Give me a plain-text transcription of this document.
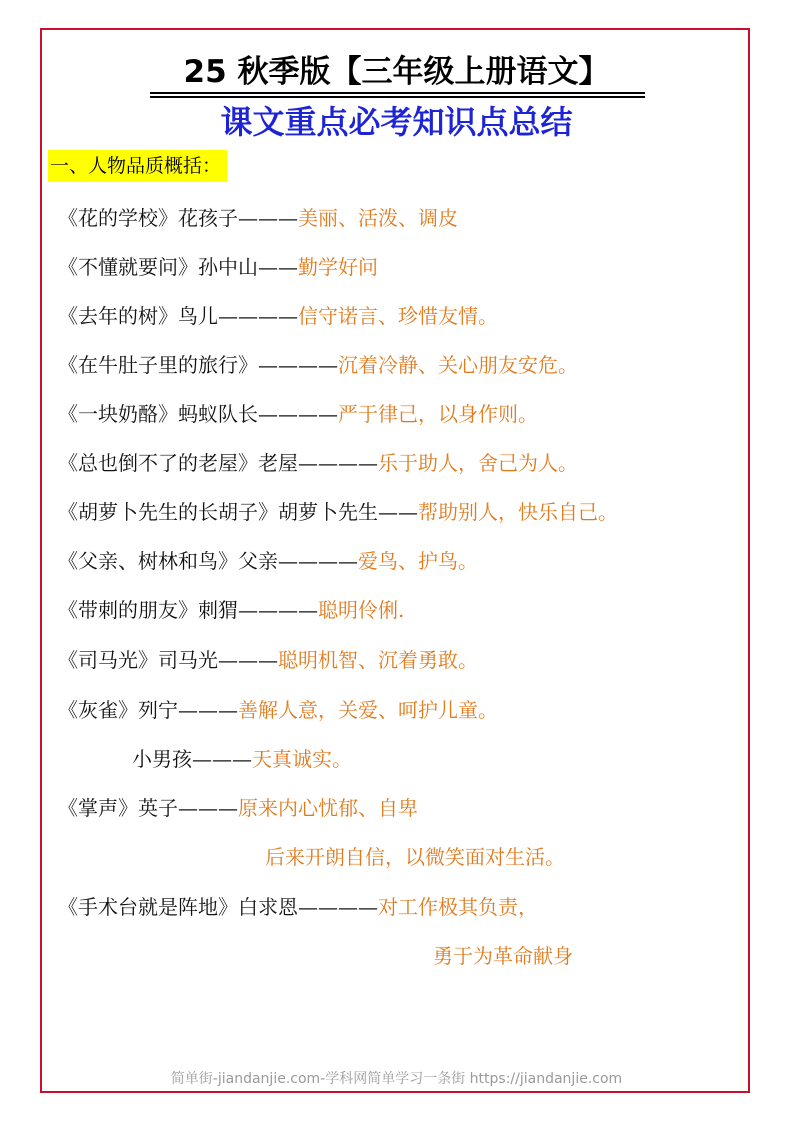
25 秋季版【三年级上册语文】
课文重点必考知识点总结
一、人物品质概括：
《花的学校》花孩子———美丽、活泼、调皮
《不懂就要问》孙中山——勤学好问
《去年的树》鸟儿————信守诺言、珍惜友情。
《在牛肚子里的旅行》————沉着冷静、关心朋友安危。
《一块奶酪》蚂蚁队长————严于律己，以身作则。
《总也倒不了的老屋》老屋————乐于助人，舍己为人。
《胡萝卜先生的长胡子》胡萝卜先生——帮助别人，快乐自己。
《父亲、树林和鸟》父亲————爱鸟、护鸟。
《带刺的朋友》刺猬————聪明伶俐.
《司马光》司马光———聪明机智、沉着勇敢。
《灰雀》列宁———善解人意，关爱、呵护儿童。
小男孩———天真诚实。
《掌声》英子———原来内心忧郁、自卑
后来开朗自信，以微笑面对生活。
《手术台就是阵地》白求恩————对工作极其负责，
勇于为革命献身
简单街-jiandanjie.com-学科网简单学习一条街 https://jiandanjie.com
